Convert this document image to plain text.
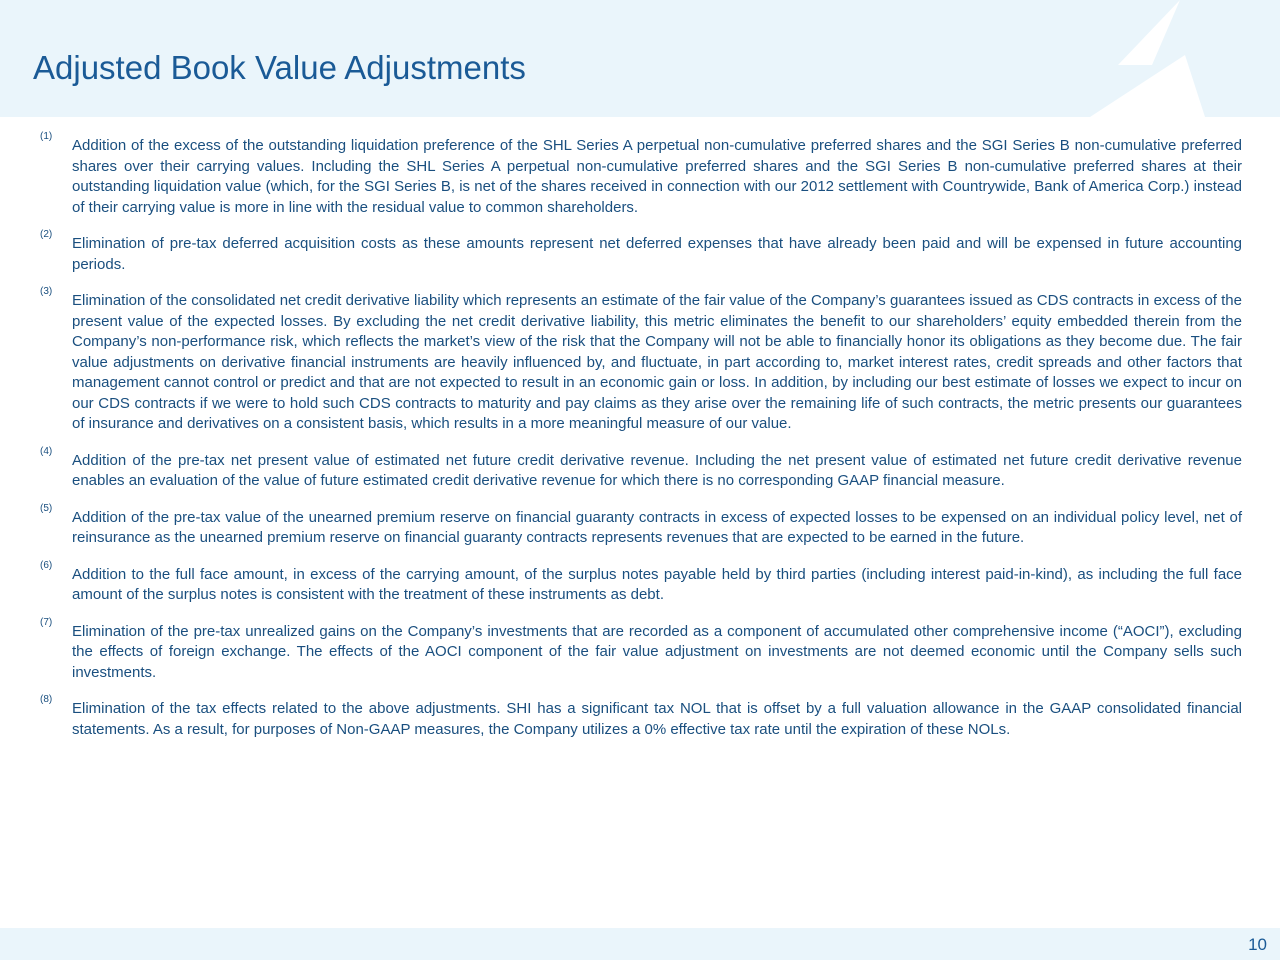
Adjusted Book Value Adjustments
(1)

Addition of the excess of the outstanding liquidation preference of the SHL Series A perpetual non-cumulative preferred shares and the SGI Series B non-cumulative preferred shares over their carrying values. Including the SHL Series A perpetual non-cumulative preferred shares and the SGI Series B non-cumulative preferred shares at their outstanding liquidation value (which, for the SGI Series B, is net of the shares received in connection with our 2012 settlement with Countrywide, Bank of America Corp.) instead of their carrying value is more in line with the residual value to common shareholders.

(2)

Elimination of pre-tax deferred acquisition costs as these amounts represent net deferred expenses that have already been paid and will be expensed in future accounting periods.

(3)

Elimination of the consolidated net credit derivative liability which represents an estimate of the fair value of the Company’s guarantees issued as CDS contracts in excess of the present value of the expected losses. By excluding the net credit derivative liability, this metric eliminates the benefit to our shareholders’ equity embedded therein from the Company’s non-performance risk, which reflects the market’s view of the risk that the Company will not be able to financially honor its obligations as they become due. The fair value adjustments on derivative financial instruments are heavily influenced by, and fluctuate, in part according to, market interest rates, credit spreads and other factors that management cannot control or predict and that are not expected to result in an economic gain or loss. In addition, by including our best estimate of losses we expect to incur on our CDS contracts if we were to hold such CDS contracts to maturity and pay claims as they arise over the remaining life of such contracts, the metric presents our guarantees of insurance and derivatives on a consistent basis, which results in a more meaningful measure of our value.

(4)

Addition of the pre-tax net present value of estimated net future credit derivative revenue. Including the net present value of estimated net future credit derivative revenue enables an evaluation of the value of future estimated credit derivative revenue for which there is no corresponding GAAP financial measure.

(5)

Addition of the pre-tax value of the unearned premium reserve on financial guaranty contracts in excess of expected losses to be expensed on an individual policy level, net of reinsurance as the unearned premium reserve on financial guaranty contracts represents revenues that are expected to be earned in the future.

(6)

Addition to the full face amount, in excess of the carrying amount, of the surplus notes payable held by third parties (including interest paid-in-kind), as including the full face amount of the surplus notes is consistent with the treatment of these instruments as debt.

(7)

Elimination of the pre-tax unrealized gains on the Company’s investments that are recorded as a component of accumulated other comprehensive income (“AOCI”), excluding the effects of foreign exchange. The effects of the AOCI component of the fair value adjustment on investments are not deemed economic until the Company sells such investments.

(8)

Elimination of the tax effects related to the above adjustments. SHI has a significant tax NOL that is offset by a full valuation allowance in the GAAP consolidated financial statements. As a result, for purposes of Non-GAAP measures, the Company utilizes a 0% effective tax rate until the expiration of these NOLs.

10
